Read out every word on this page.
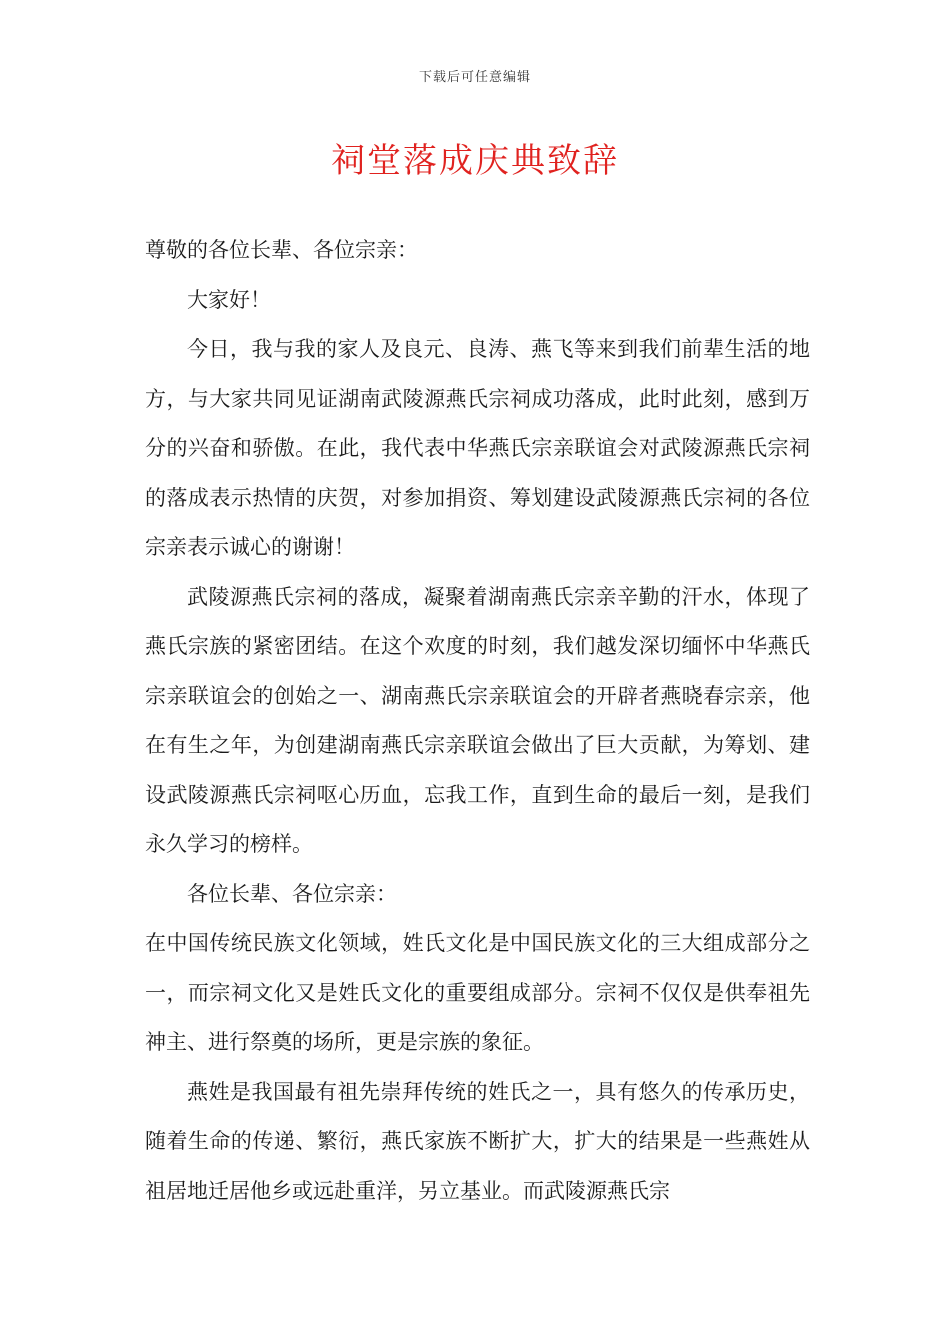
下载后可任意编辑
祠堂落成庆典致辞

尊敬的各位长辈、各位宗亲：

大家好！

今日，我与我的家人及良元、良涛、燕飞等来到我们前辈生活的地方，与大家共同见证湖南武陵源燕氏宗祠成功落成，此时此刻，感到万分的兴奋和骄傲。在此，我代表中华燕氏宗亲联谊会对武陵源燕氏宗祠的落成表示热情的庆贺，对参加捐资、筹划建设武陵源燕氏宗祠的各位宗亲表示诚心的谢谢！

武陵源燕氏宗祠的落成，凝聚着湖南燕氏宗亲辛勤的汗水，体现了燕氏宗族的紧密团结。在这个欢度的时刻，我们越发深切缅怀中华燕氏宗亲联谊会的创始之一、湖南燕氏宗亲联谊会的开辟者燕晓春宗亲，他在有生之年，为创建湖南燕氏宗亲联谊会做出了巨大贡献，为筹划、建设武陵源燕氏宗祠呕心历血，忘我工作，直到生命的最后一刻，是我们永久学习的榜样。

各位长辈、各位宗亲：

在中国传统民族文化领域，姓氏文化是中国民族文化的三大组成部分之一，而宗祠文化又是姓氏文化的重要组成部分。宗祠不仅仅是供奉祖先神主、进行祭奠的场所，更是宗族的象征。

燕姓是我国最有祖先崇拜传统的姓氏之一，具有悠久的传承历史，随着生命的传递、繁衍，燕氏家族不断扩大，扩大的结果是一些燕姓从祖居地迁居他乡或远赴重洋，另立基业。而武陵源燕氏宗
